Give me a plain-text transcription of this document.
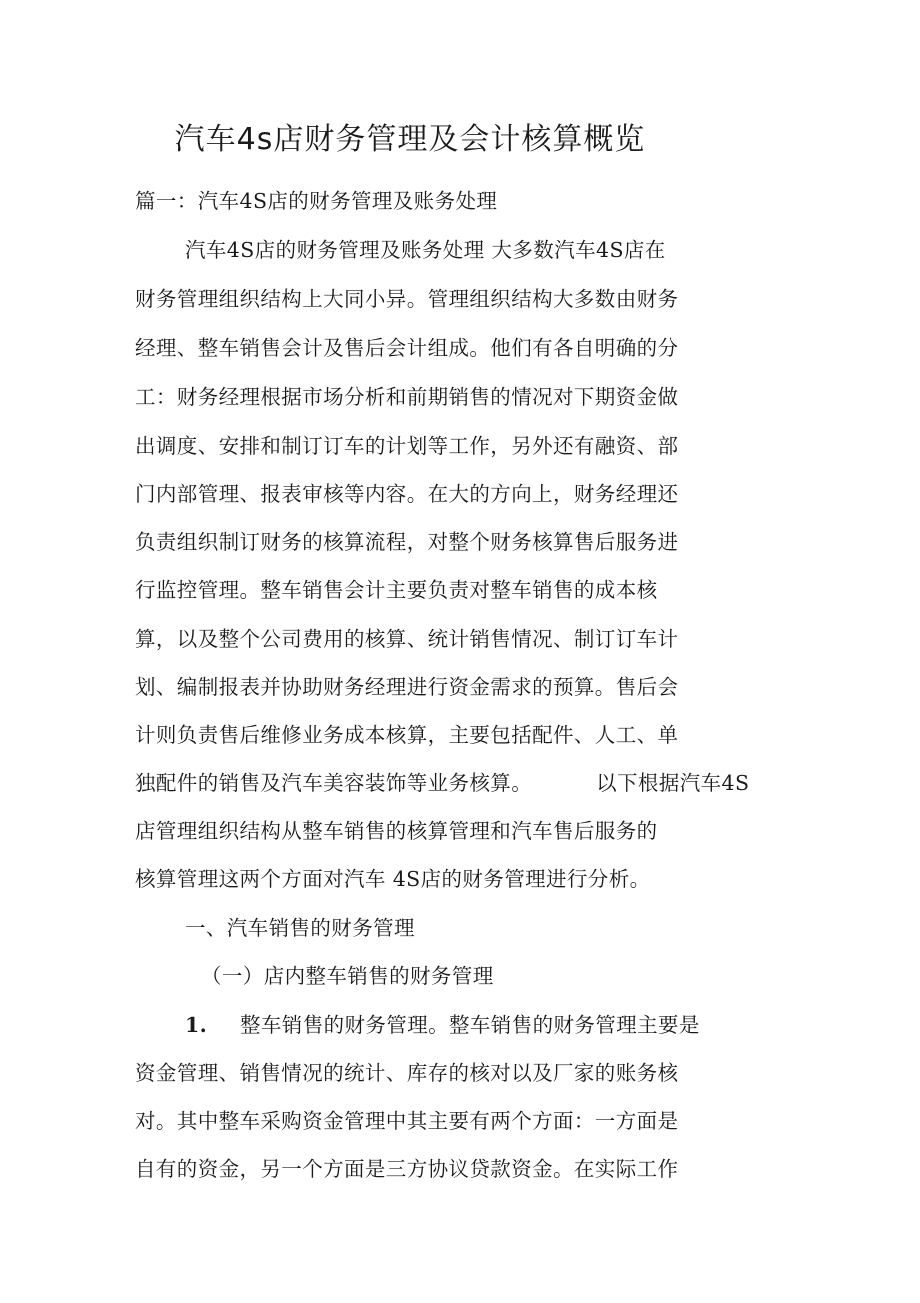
汽车4s店财务管理及会计核算概览

篇一：汽车4S店的财务管理及账务处理

汽车4S店的财务管理及账务处理 大多数汽车4S店在

财务管理组织结构上大同小异。管理组织结构大多数由财务

经理、整车销售会计及售后会计组成。他们有各自明确的分

工：财务经理根据市场分析和前期销售的情况对下期资金做

出调度、安排和制订订车的计划等工作，另外还有融资、部

门内部管理、报表审核等内容。在大的方向上，财务经理还

负责组织制订财务的核算流程，对整个财务核算售后服务进

行监控管理。整车销售会计主要负责对整车销售的成本核

算，以及整个公司费用的核算、统计销售情况、制订订车计

划、编制报表并协助财务经理进行资金需求的预算。售后会

计则负责售后维修业务成本核算，主要包括配件、人工、单

独配件的销售及汽车美容装饰等业务核算。	以下根据汽车4S

店管理组织结构从整车销售的核算管理和汽车售后服务的

核算管理这两个方面对汽车 4S店的财务管理进行分析。

一、汽车销售的财务管理

（一）店内整车销售的财务管理

1. 整车销售的财务管理。整车销售的财务管理主要是

资金管理、销售情况的统计、库存的核对以及厂家的账务核

对。其中整车采购资金管理中其主要有两个方面：一方面是

自有的资金，另一个方面是三方协议贷款资金。在实际工作
